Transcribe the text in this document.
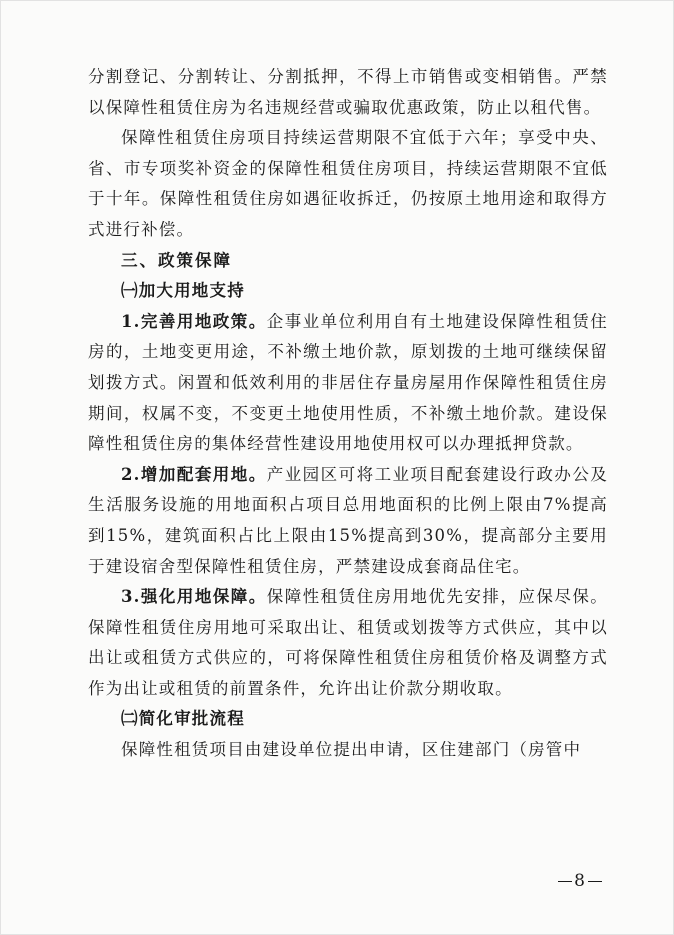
分割登记、分割转让、分割抵押，不得上市销售或变相销售。严禁以保障性租赁住房为名违规经营或骗取优惠政策，防止以租代售。

保障性租赁住房项目持续运营期限不宜低于六年；享受中央、省、市专项奖补资金的保障性租赁住房项目，持续运营期限不宜低于十年。保障性租赁住房如遇征收拆迁，仍按原土地用途和取得方式进行补偿。

三、政策保障

㈠加大用地支持

1.完善用地政策。企事业单位利用自有土地建设保障性租赁住房的，土地变更用途，不补缴土地价款，原划拨的土地可继续保留划拨方式。闲置和低效利用的非居住存量房屋用作保障性租赁住房期间，权属不变，不变更土地使用性质，不补缴土地价款。建设保障性租赁住房的集体经营性建设用地使用权可以办理抵押贷款。

2.增加配套用地。产业园区可将工业项目配套建设行政办公及生活服务设施的用地面积占项目总用地面积的比例上限由7%提高到15%，建筑面积占比上限由15%提高到30%，提高部分主要用于建设宿舍型保障性租赁住房，严禁建设成套商品住宅。

3.强化用地保障。保障性租赁住房用地优先安排，应保尽保。保障性租赁住房用地可采取出让、租赁或划拨等方式供应，其中以出让或租赁方式供应的，可将保障性租赁住房租赁价格及调整方式作为出让或租赁的前置条件，允许出让价款分期收取。

㈡简化审批流程

保障性租赁项目由建设单位提出申请，区住建部门（房管中

8
